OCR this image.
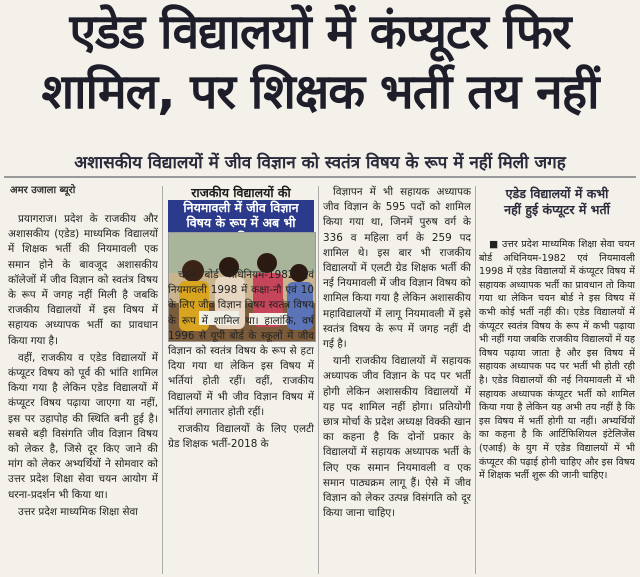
एडेड विद्यालयों में कंप्यूटर फिर
शामिल, पर शिक्षक भर्ती तय नहीं
अशासकीय विद्यालयों में जीव विज्ञान को स्वतंत्र विषय के रूप में नहीं मिली जगह
अमर उजाला ब्यूरो

प्रयागराज। प्रदेश के राजकीय और अशासकीय (एडेड) माध्यमिक विद्यालयों में शिक्षक भर्ती की नियमावली एक समान होने के बावजूद अशासकीय कॉलेजों में जीव विज्ञान को स्वतंत्र विषय के रूप में जगह नहीं मिली है जबकि राजकीय विद्यालयों में इस विषय में सहायक अध्यापक भर्ती का प्रावधान किया गया है।

वहीं, राजकीय व एडेड विद्यालयों में कंप्यूटर विषय को पूर्व की भांति शामिल किया गया है लेकिन एडेड विद्यालयों में कंप्यूटर विषय पढ़ाया जाएगा या नहीं, इस पर उहापोह की स्थिति बनी हुई है। सबसे बड़ी विसंगति जीव विज्ञान विषय को लेकर है, जिसे दूर किए जाने की मांग को लेकर अभ्यर्थियों ने सोमवार को उत्तर प्रदेश शिक्षा सेवा चयन आयोग में धरना-प्रदर्शन भी किया था।

उत्तर प्रदेश माध्यमिक शिक्षा सेवा

राजकीय विद्यालयों की
नियमावली में जीव विज्ञान
विषय के रूप में अब भी

चयन बोर्ड अधिनियम-1982 एवं नियमावली 1998 में कक्षा-नौ एवं 10 के लिए जीव विज्ञान विषय स्वतंत्र विषय के रूप में शामिल था। हालांकि, वर्ष 1996 से यूपी बोर्ड के स्कूलों में जीव विज्ञान को स्वतंत्र विषय के रूप से हटा दिया गया था लेकिन इस विषय में भर्तियां होती रहीं। वहीं, राजकीय विद्यालयों में भी जीव विज्ञान विषय में भर्तियां लगातार होती रहीं।

राजकीय विद्यालयों के लिए एलटी ग्रेड शिक्षक भर्ती-2018 के

विज्ञापन में भी सहायक अध्यापक जीव विज्ञान के 595 पदों को शामिल किया गया था, जिनमें पुरुष वर्ग के 336 व महिला वर्ग के 259 पद शामिल थे। इस बार भी राजकीय विद्यालयों में एलटी ग्रेड शिक्षक भर्ती की नई नियमावली में जीव विज्ञान विषय को शामिल किया गया है लेकिन अशासकीय महाविद्यालयों में लागू नियमावली में इसे स्वतंत्र विषय के रूप में जगह नहीं दी गई है।

यानी राजकीय विद्यालयों में सहायक अध्यापक जीव विज्ञान के पद पर भर्ती होगी लेकिन अशासकीय विद्यालयों में यह पद शामिल नहीं होगा। प्रतियोगी छात्र मोर्चा के प्रदेश अध्यक्ष विक्की खान का कहना है कि दोनों प्रकार के विद्यालयों में सहायक अध्यापक भर्ती के लिए एक समान नियमावली व एक समान पाठ्यक्रम लागू हैं। ऐसे में जीव विज्ञान को लेकर उत्पन्न विसंगति को दूर किया जाना चाहिए।

एडेड विद्यालयों में कभी
नहीं हुई कंप्यूटर में भर्ती

■ उत्तर प्रदेश माध्यमिक शिक्षा सेवा चयन बोर्ड अधिनियम-1982 एवं नियमावली 1998 में एडेड विद्यालयों में कंप्यूटर विषय में सहायक अध्यापक भर्ती का प्रावधान तो किया गया था लेकिन चयन बोर्ड ने इस विषय में कभी कोई भर्ती नहीं की। एडेड विद्यालयों में कंप्यूटर स्वतंत्र विषय के रूप में कभी पढ़ाया भी नहीं गया जबकि राजकीय विद्यालयों में यह विषय पढ़ाया जाता है और इस विषय में सहायक अध्यापक पद पर भर्ती भी होती रही है। एडेड विद्यालयों की नई नियमावली में भी सहायक अध्यापक कंप्यूटर भर्ती को शामिल किया गया है लेकिन यह अभी तय नहीं है कि इस विषय में भर्ती होगी या नहीं। अभ्यर्थियों का कहना है कि आर्टिफिशियल इंटेलिजेंस (एआई) के युग में एडेड विद्यालयों में भी कंप्यूटर की पढ़ाई होनी चाहिए और इस विषय में शिक्षक भर्ती शुरू की जानी चाहिए।
